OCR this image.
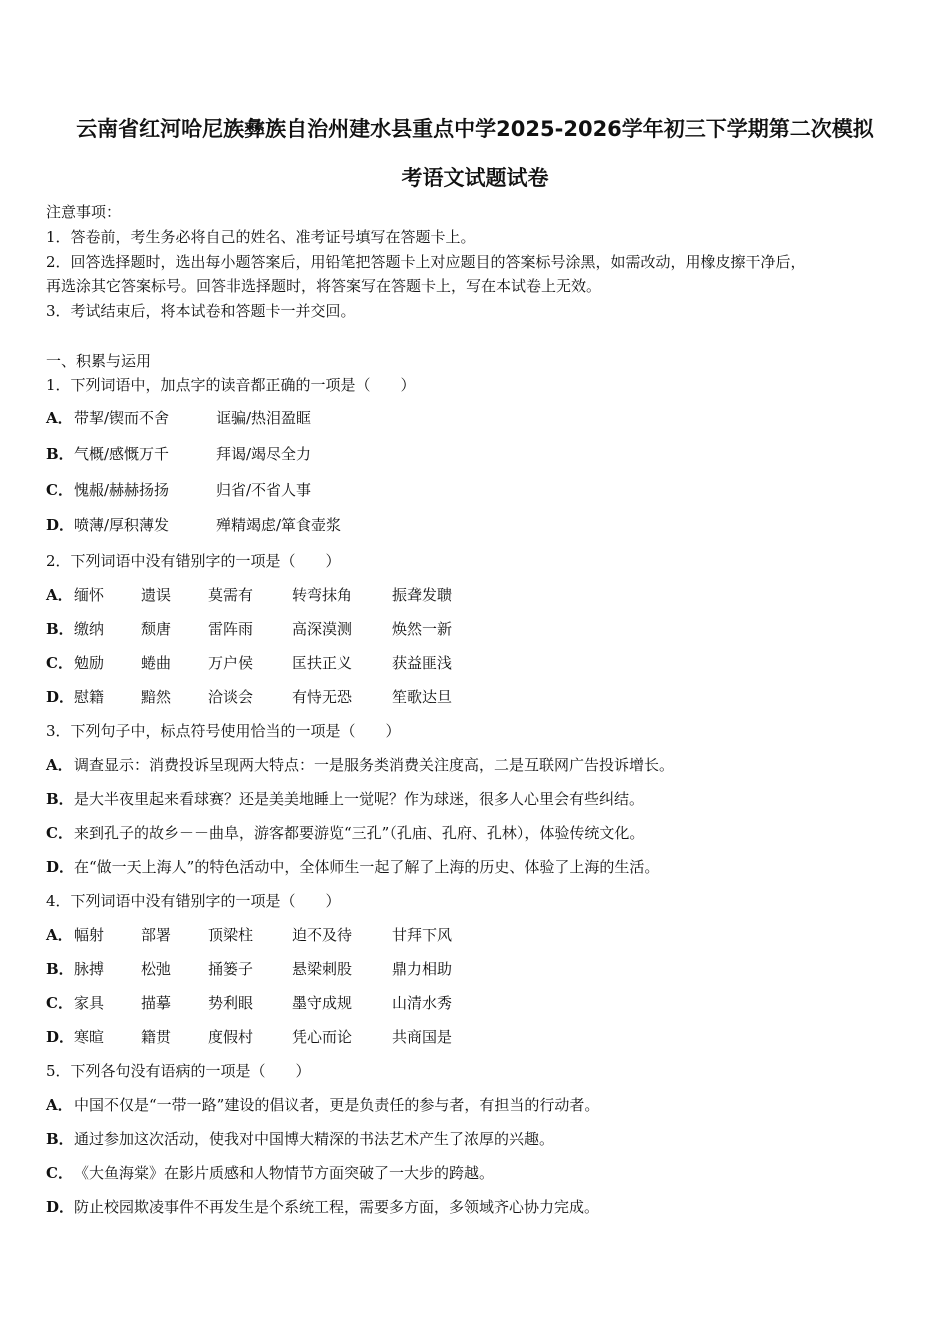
云南省红河哈尼族彝族自治州建水县重点中学2025-2026学年初三下学期第二次模拟
考语文试题试卷
注意事项：
1．答卷前，考生务必将自己的姓名、准考证号填写在答题卡上。
2．回答选择题时，选出每小题答案后，用铅笔把答题卡上对应题目的答案标号涂黑，如需改动，用橡皮擦干净后，
再选涂其它答案标号。回答非选择题时，将答案写在答题卡上，写在本试卷上无效。
3．考试结束后，将本试卷和答题卡一并交回。
一、积累与运用
1．下列词语中，加点字的读音都正确的一项是（　　）
A．带挈/锲而不舍	诓骗/热泪盈眶
B．气概/感慨万千	拜谒/竭尽全力
C．愧赧/赫赫扬扬	归省/不省人事
D．喷薄/厚积薄发	殚精竭虑/箪食壶浆
2．下列词语中没有错别字的一项是（　　）
A．缅怀 遗误 莫需有	转弯抹角	振聋发聩
B．缴纳 颓唐 雷阵雨	高深漠测	焕然一新
C．勉励 蜷曲 万户侯	匡扶正义	获益匪浅
D．慰籍 黯然 洽谈会	有恃无恐	笙歌达旦
3．下列句子中，标点符号使用恰当的一项是（　　）
A．调查显示：消费投诉呈现两大特点：一是服务类消费关注度高，二是互联网广告投诉增长。
B．是大半夜里起来看球赛？还是美美地睡上一觉呢？作为球迷，很多人心里会有些纠结。
C．来到孔子的故乡－－曲阜，游客都要游览“三孔”（孔庙、孔府、孔林），体验传统文化。
D．在“做一天上海人”的特色活动中，全体师生一起了解了上海的历史、体验了上海的生活。
4．下列词语中没有错别字的一项是（　　）
A．幅射 部署 顶梁柱	迫不及待	甘拜下风
B．脉搏 松弛 捅篓子	悬梁刺股	鼎力相助
C．家具 描摹 势利眼	墨守成规	山清水秀
D．寒暄 籍贯 度假村	凭心而论	共商国是
5．下列各句没有语病的一项是（　　）
A．中国不仅是“一带一路”建设的倡议者，更是负责任的参与者，有担当的行动者。
B．通过参加这次活动，使我对中国博大精深的书法艺术产生了浓厚的兴趣。
C．《大鱼海棠》在影片质感和人物情节方面突破了一大步的跨越。
D．防止校园欺凌事件不再发生是个系统工程，需要多方面，多领域齐心协力完成。
